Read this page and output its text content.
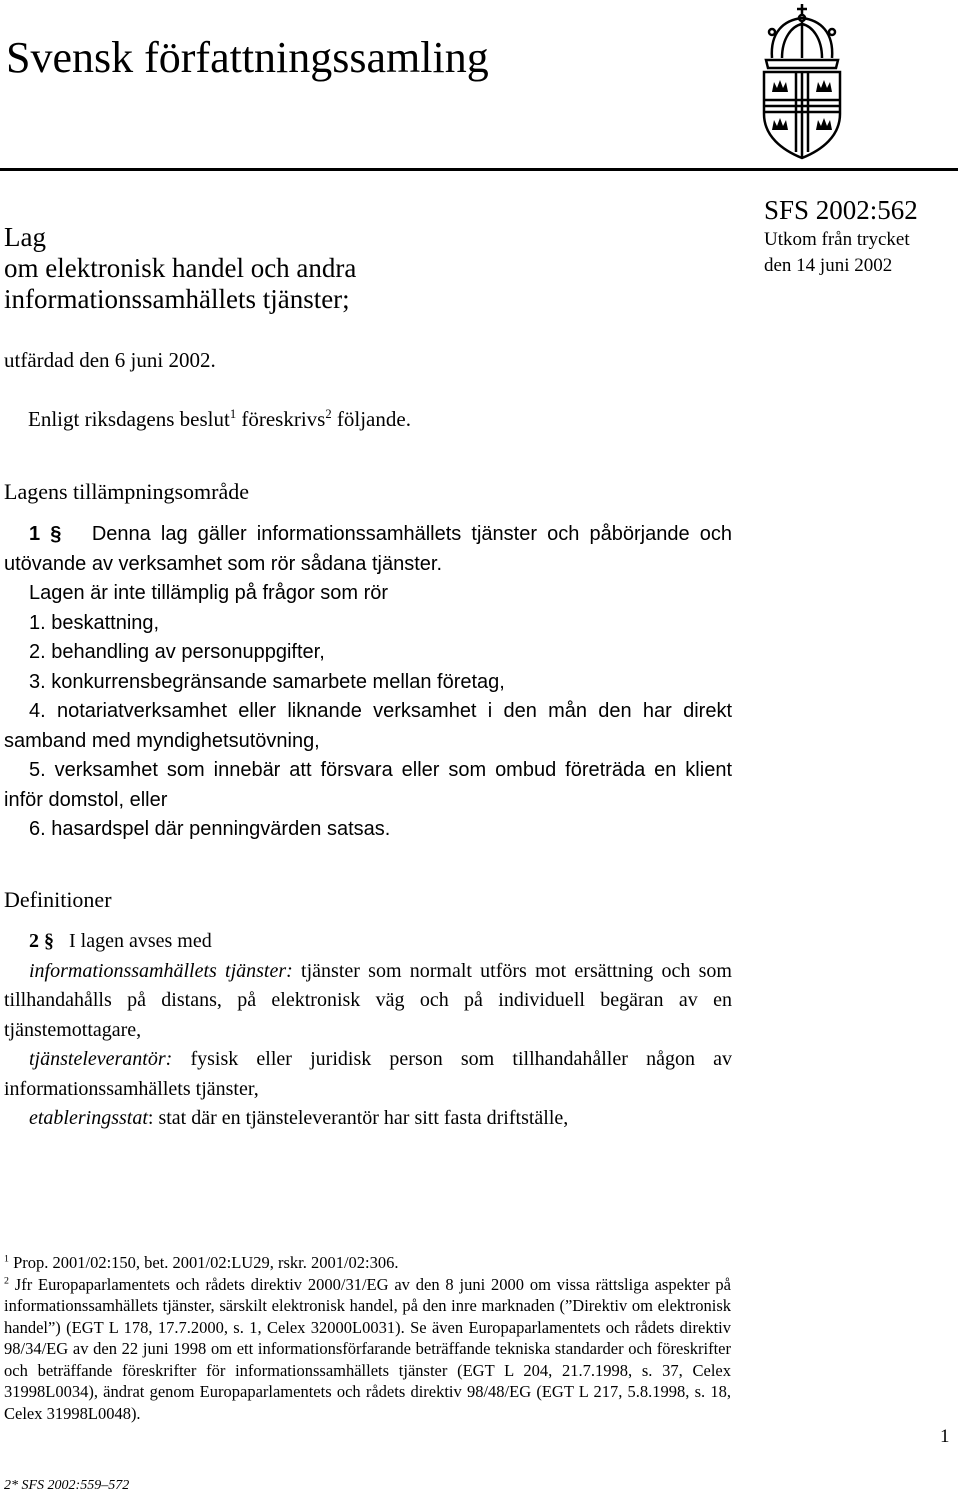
Svensk författningssamling
Lag
om elektronisk handel och andra
informationssamhällets tjänster;
SFS 2002:562
Utkom från trycket
den 14 juni 2002
utfärdad den 6 juni 2002.
Enligt riksdagens beslut$^1$ föreskrivs$^2$ följande.
Lagens tillämpningsområde

1 § Denna lag gäller informationssamhällets tjänster och påbörjande och utövande av verksamhet som rör sådana tjänster.

Lagen är inte tillämplig på frågor som rör

1. beskattning,

2. behandling av personuppgifter,

3. konkurrensbegränsande samarbete mellan företag,

4. notariatverksamhet eller liknande verksamhet i den mån den har direkt samband med myndighetsutövning,

5. verksamhet som innebär att försvara eller som ombud företräda en klient inför domstol, eller

6. hasardspel där penningvärden satsas.

Definitioner

2 § I lagen avses med

informationssamhällets tjänster: tjänster som normalt utförs mot ersättning och som tillhandahålls på distans, på elektronisk väg och på individuell begäran av en tjänstemottagare,

tjänsteleverantör: fysisk eller juridisk person som tillhandahåller någon av informationssamhällets tjänster,

etableringsstat: stat där en tjänsteleverantör har sitt fasta driftställe,

$^1$ Prop. 2001/02:150, bet. 2001/02:LU29, rskr. 2001/02:306.

$^2$ Jfr Europaparlamentets och rådets direktiv 2000/31/EG av den 8 juni 2000 om vissa rättsliga aspekter på informationssamhällets tjänster, särskilt elektronisk handel, på den inre marknaden (”Direktiv om elektronisk handel”) (EGT L 178, 17.7.2000, s. 1, Celex 32000L0031). Se även Europaparlamentets och rådets direktiv 98/34/EG av den 22 juni 1998 om ett informationsförfarande beträffande tekniska standarder och föreskrifter och beträffande föreskrifter för informationssamhällets tjänster (EGT L 204, 21.7.1998, s. 37, Celex 31998L0034), ändrat genom Europaparlamentets och rådets direktiv 98/48/EG (EGT L 217, 5.8.1998, s. 18, Celex 31998L0048).

1
2* SFS 2002:559–572
